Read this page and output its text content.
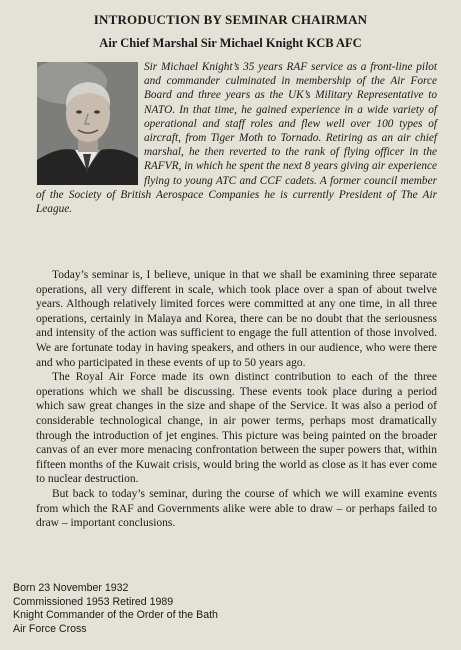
INTRODUCTION BY SEMINAR CHAIRMAN
Air Chief Marshal Sir Michael Knight KCB AFC

Sir Michael Knight’s 35 years RAF service as a front-line pilot and commander culminated in membership of the Air Force Board and three years as the UK’s Military Representative to NATO. In that time, he gained experience in a wide variety of operational and staff roles and flew well over 100 types of aircraft, from Tiger Moth to Tornado. Retiring as an air chief marshal, he then reverted to the rank of flying officer in the RAFVR, in which he spent the next 8 years giving air experience flying to young ATC and CCF cadets. A former council member of the Society of British Aerospace Companies he is currently President of The Air League.

Today’s seminar is, I believe, unique in that we shall be examining three separate operations, all very different in scale, which took place over a span of about twelve years. Although relatively limited forces were committed at any one time, in all three operations, certainly in Malaya and Korea, there can be no doubt that the seriousness and intensity of the action was sufficient to engage the full attention of those involved. We are fortunate today in having speakers, and others in our audience, who were there and who participated in these events of up to 50 years ago.

The Royal Air Force made its own distinct contribution to each of the three operations which we shall be discussing. These events took place during a period which saw great changes in the size and shape of the Service. It was also a period of considerable technological change, in air power terms, perhaps most dramatically through the introduction of jet engines. This picture was being painted on the broader canvas of an ever more menacing confrontation between the super powers that, within fifteen months of the Kuwait crisis, would bring the world as close as it has ever come to nuclear destruction.

But back to today’s seminar, during the course of which we will examine events from which the RAF and Governments alike were able to draw – or perhaps failed to draw – important conclusions.

Born 23 November 1932
Commissioned 1953 Retired 1989
Knight Commander of the Order of the Bath
Air Force Cross
